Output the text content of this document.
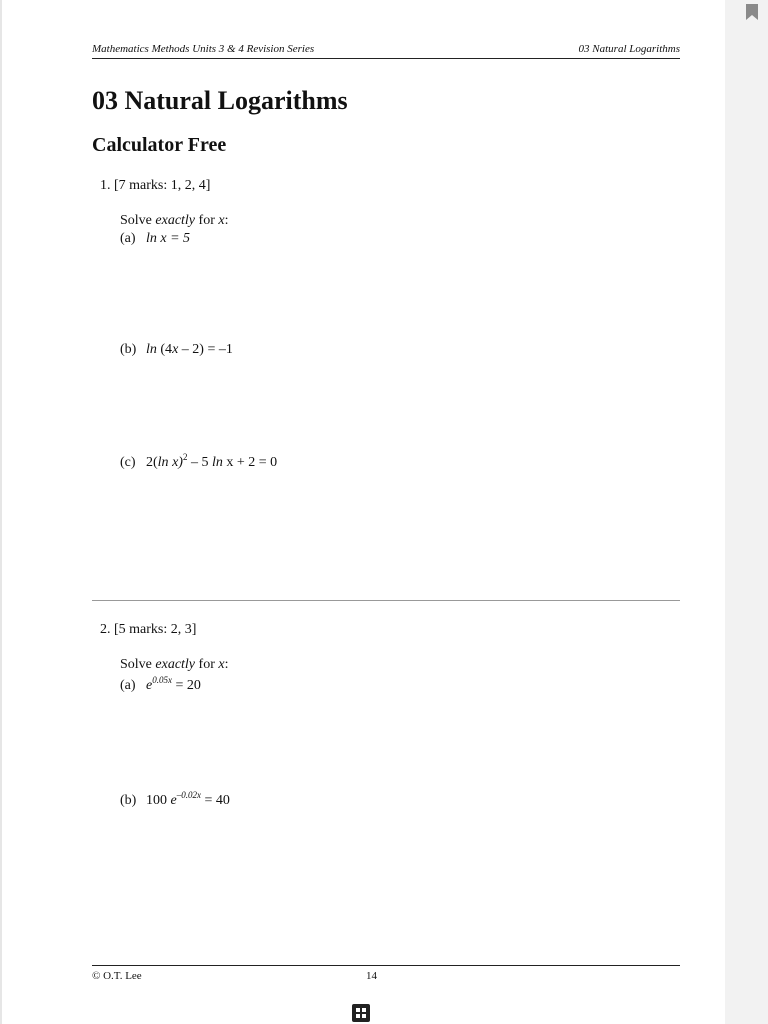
Mathematics Methods Units 3 & 4 Revision Series	03 Natural Logarithms
03 Natural Logarithms
Calculator Free
1. [7 marks: 1, 2, 4]
Solve exactly for x:
(a) ln x = 5
(b) ln (4x – 2) = –1
(c) 2(ln x)$^2$ – 5 ln x + 2 = 0
2. [5 marks: 2, 3]
Solve exactly for x:
(a) $e^{0.05x} = 20$
(b) 100 $e^{-0.02x} = 40$
© O.T. Lee	14
